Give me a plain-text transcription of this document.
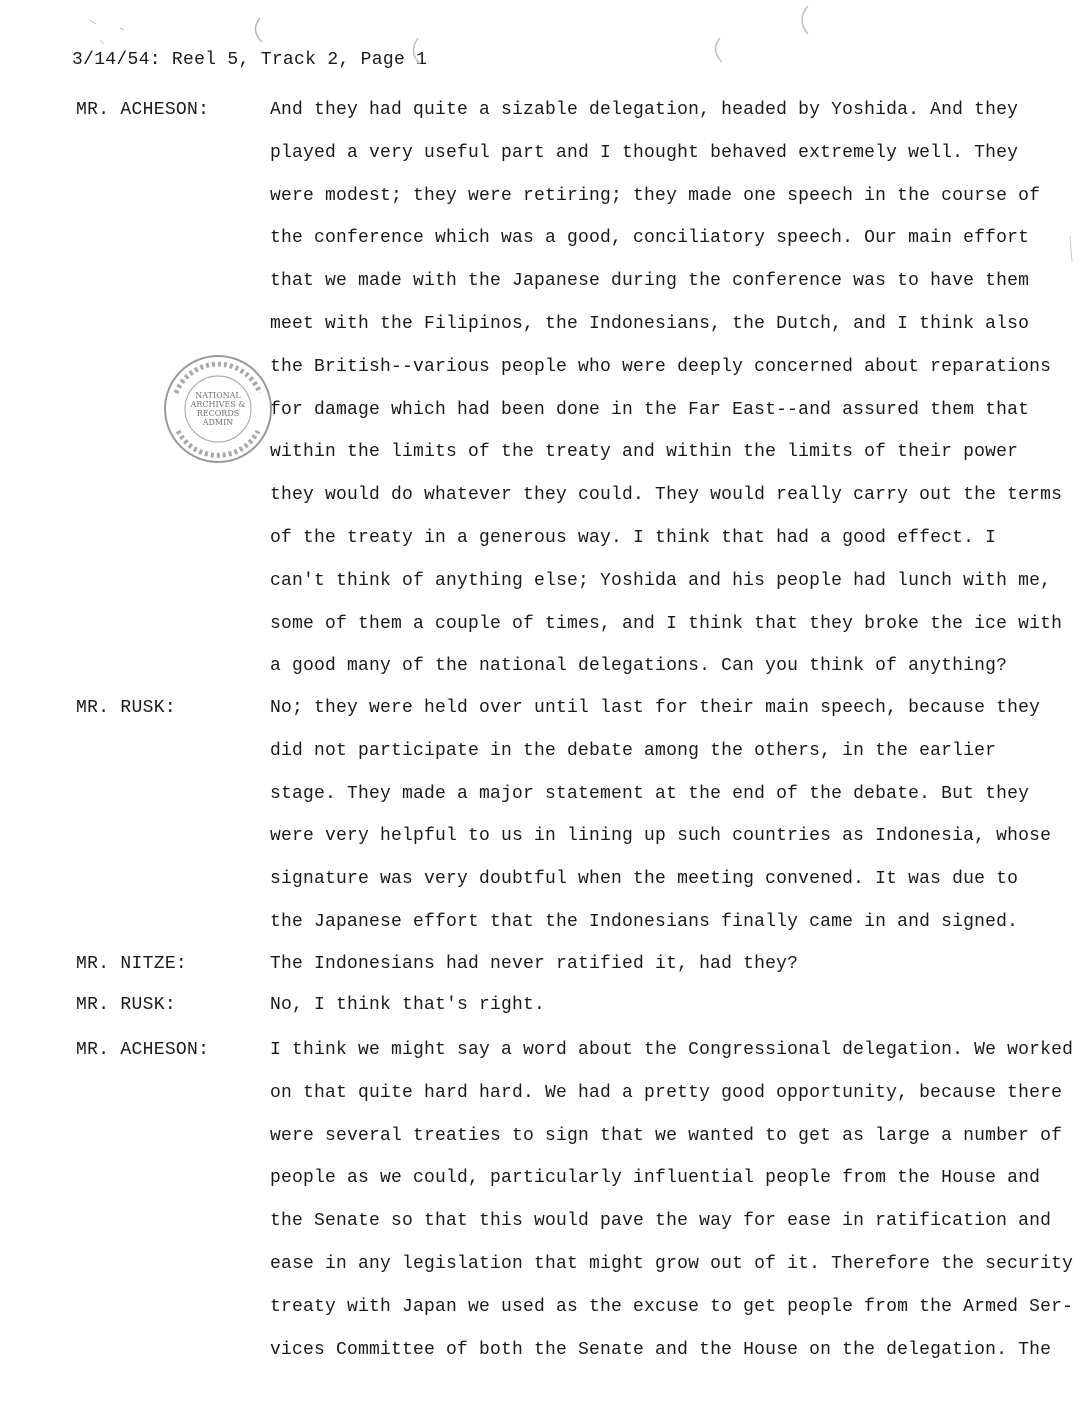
3/14/54: Reel 5, Track 2, Page 1
MR. ACHESON:	And they had quite a sizable delegation, headed by Yoshida. And they
played a very useful part and I thought behaved extremely well. They
were modest; they were retiring; they made one speech in the course of
the conference which was a good, conciliatory speech. Our main effort
that we made with the Japanese during the conference was to have them
meet with the Filipinos, the Indonesians, the Dutch, and I think also
the British--various people who were deeply concerned about reparations
for damage which had been done in the Far East--and assured them that
within the limits of the treaty and within the limits of their power
they would do whatever they could. They would really carry out the terms
of the treaty in a generous way. I think that had a good effect. I
can't think of anything else; Yoshida and his people had lunch with me,
some of them a couple of times, and I think that they broke the ice with
a good many of the national delegations. Can you think of anything?
MR. RUSK:	No; they were held over until last for their main speech, because they
did not participate in the debate among the others, in the earlier
stage. They made a major statement at the end of the debate. But they
were very helpful to us in lining up such countries as Indonesia, whose
signature was very doubtful when the meeting convened. It was due to
the Japanese effort that the Indonesians finally came in and signed.
MR. NITZE:	The Indonesians had never ratified it, had they?
MR. RUSK:	No, I think that's right.
MR. ACHESON:	I think we might say a word about the Congressional delegation. We worked
on that quite hard hard. We had a pretty good opportunity, because there
were several treaties to sign that we wanted to get as large a number of
people as we could, particularly influential people from the House and
the Senate so that this would pave the way for ease in ratification and
ease in any legislation that might grow out of it. Therefore the security
treaty with Japan we used as the excuse to get people from the Armed Ser-
vices Committee of both the Senate and the House on the delegation. The
NATIONAL
ARCHIVES &
RECORDS
ADMIN
